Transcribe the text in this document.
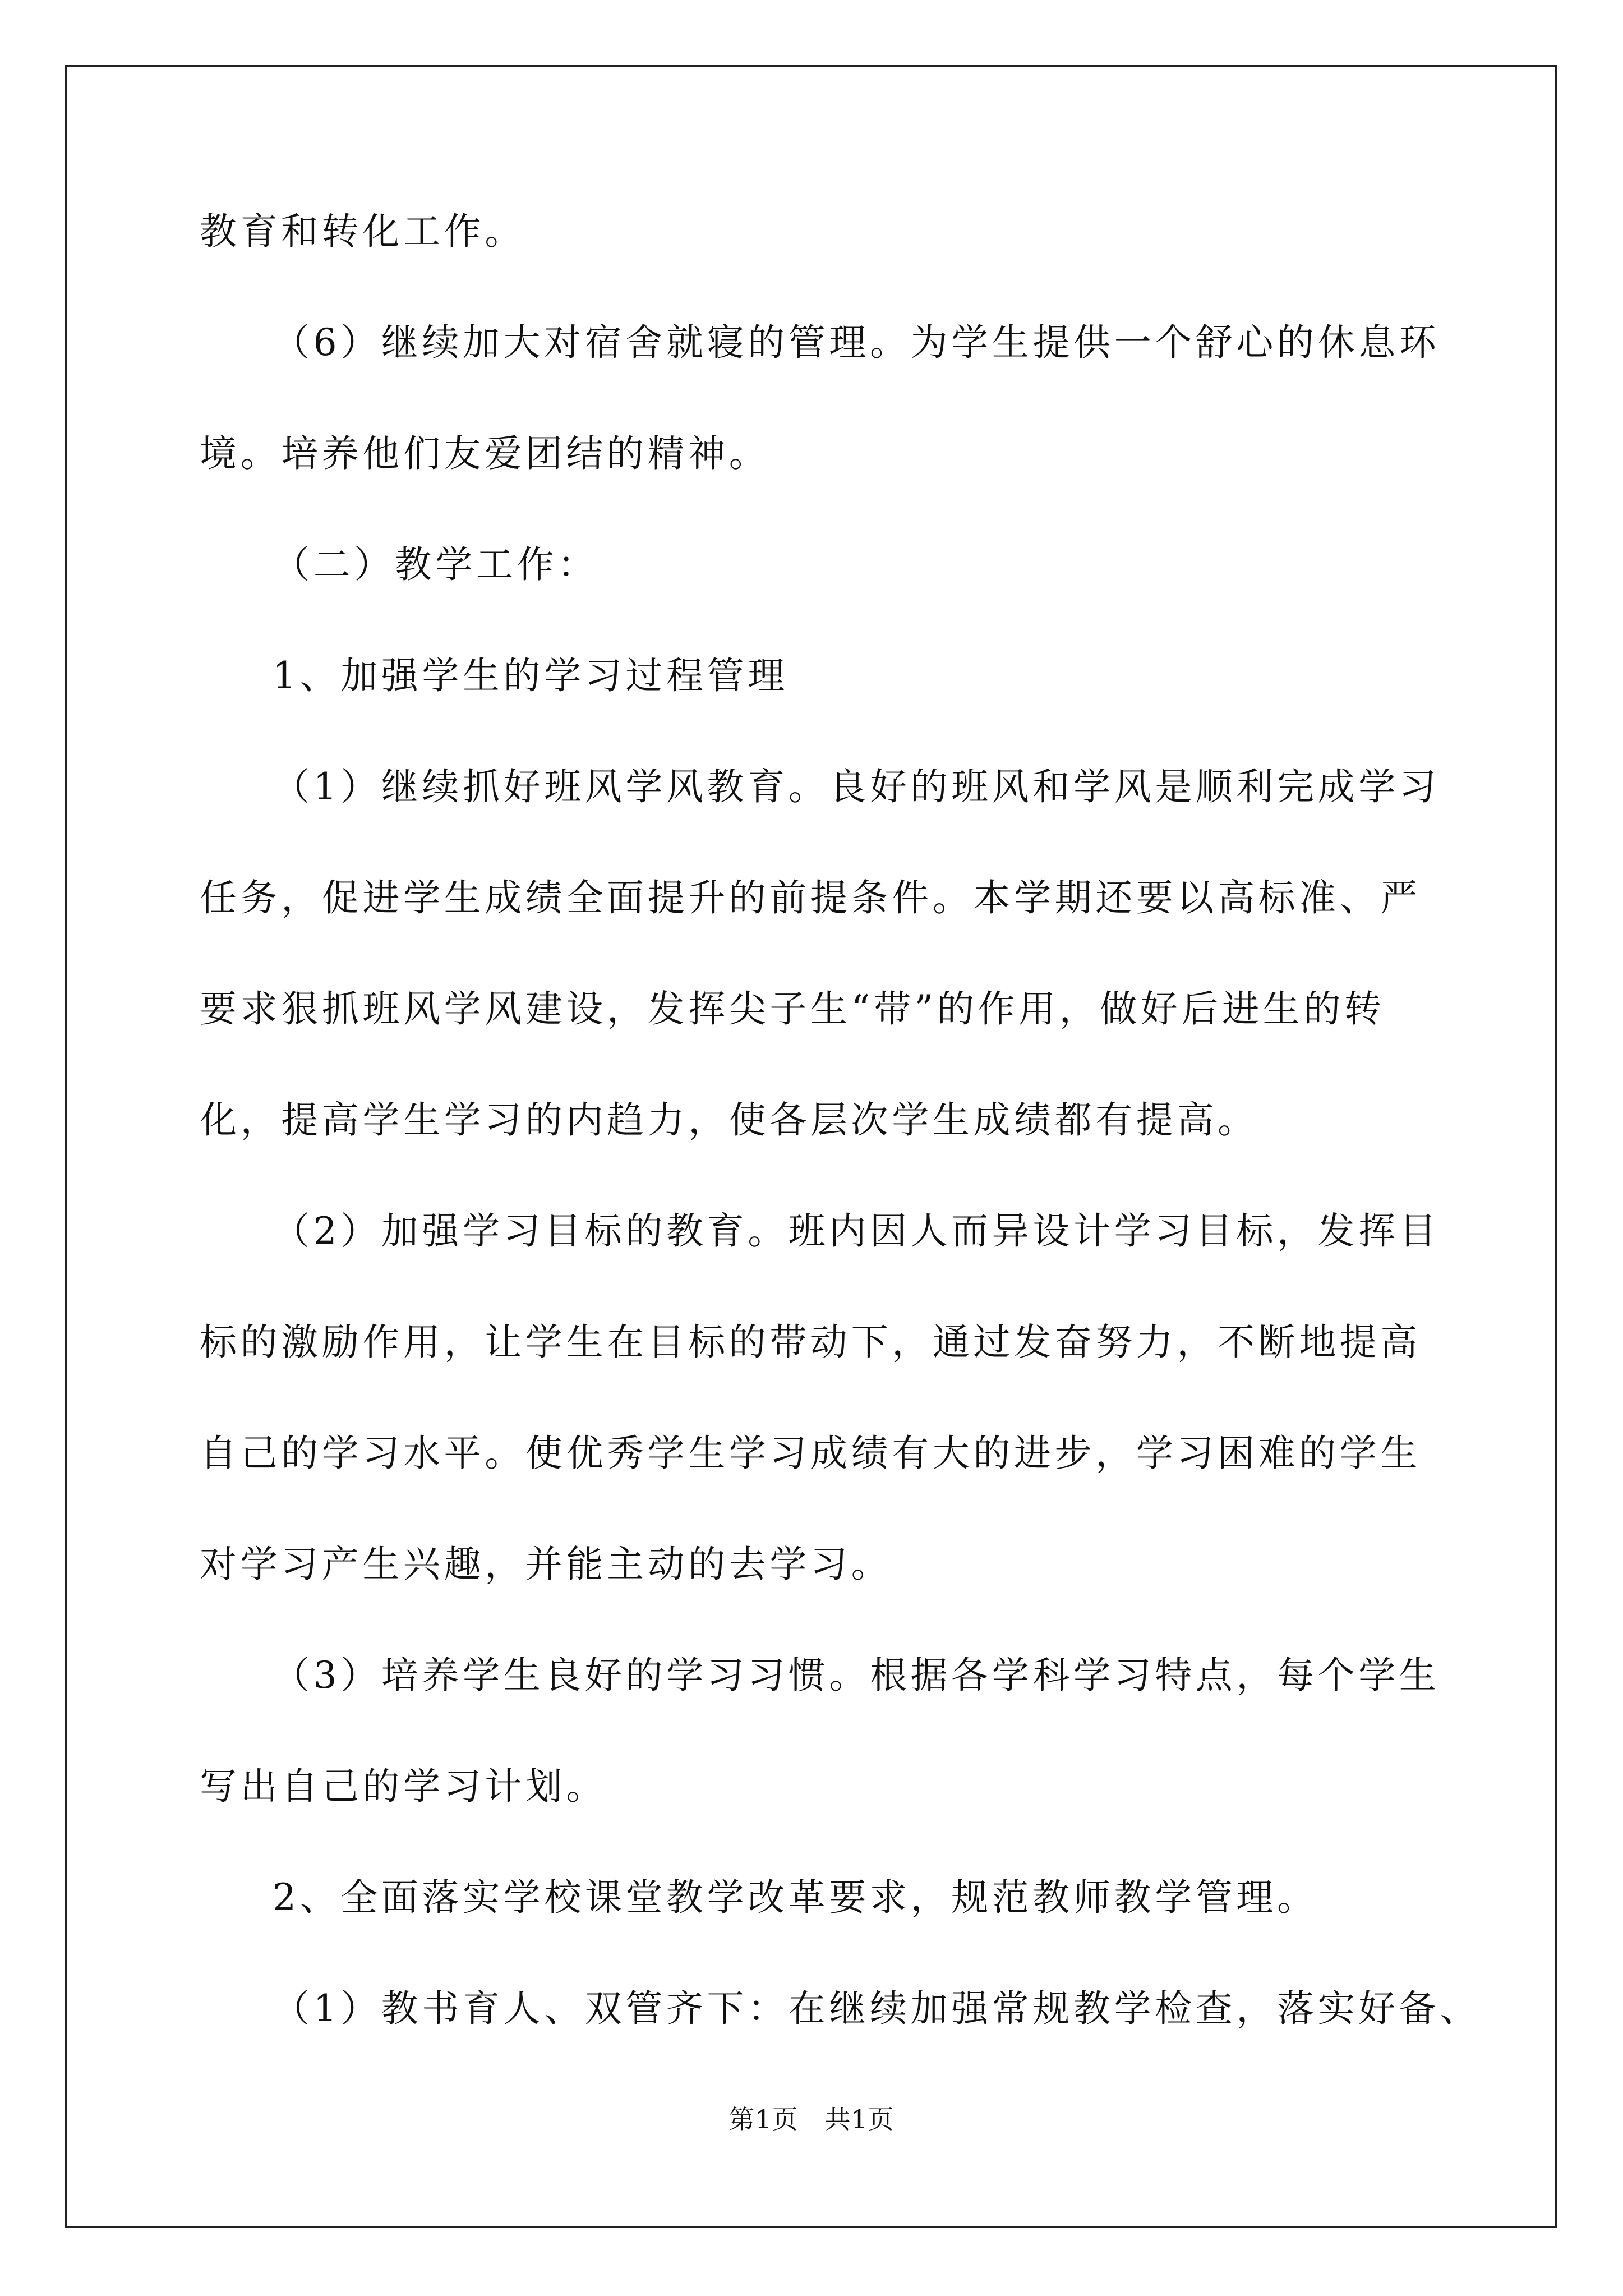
教育和转化工作。
（6）继续加大对宿舍就寝的管理。为学生提供一个舒心的休息环
境。培养他们友爱团结的精神。
（二）教学工作：
1、加强学生的学习过程管理
（1）继续抓好班风学风教育。良好的班风和学风是顺利完成学习
任务，促进学生成绩全面提升的前提条件。本学期还要以高标准、严
要求狠抓班风学风建设，发挥尖子生“带”的作用，做好后进生的转
化，提高学生学习的内趋力，使各层次学生成绩都有提高。
（2）加强学习目标的教育。班内因人而异设计学习目标，发挥目
标的激励作用，让学生在目标的带动下，通过发奋努力，不断地提高
自己的学习水平。使优秀学生学习成绩有大的进步，学习困难的学生
对学习产生兴趣，并能主动的去学习。
（3）培养学生良好的学习习惯。根据各学科学习特点，每个学生
写出自己的学习计划。
2、全面落实学校课堂教学改革要求，规范教师教学管理。
（1）教书育人、双管齐下：在继续加强常规教学检查，落实好备、
第1页　共1页
